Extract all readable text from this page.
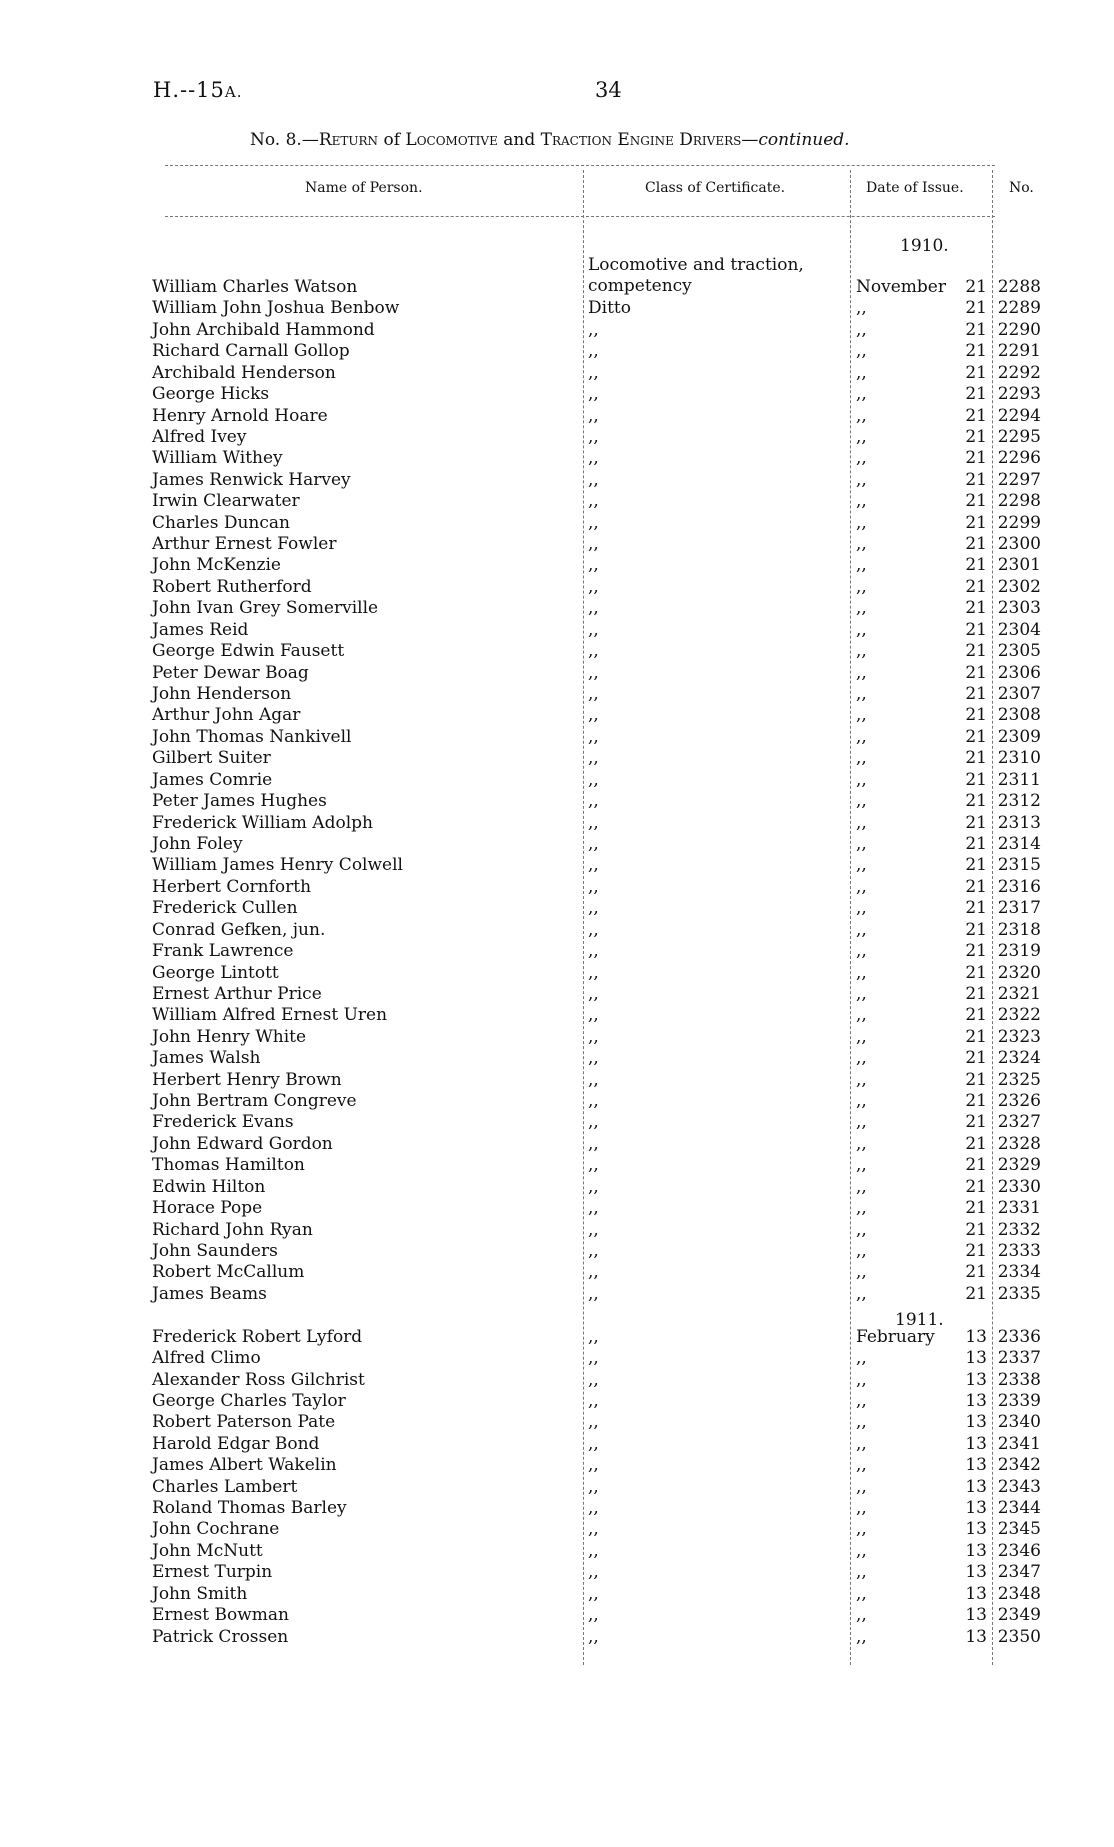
H.--15A.	34
No. 8.—Return of Locomotive and Traction Engine Drivers—continued.
Name of Person.	Class of Certificate.	Date of Issue.	No.
1910.
1911.
William Charles Watson	Locomotive and traction, competency	November 21	2288
William John Joshua Benbow	Ditto	,, 21	2289
John Archibald Hammond	,,	,, 21	2290
Richard Carnall Gollop	,,	,, 21	2291
Archibald Henderson	,,	,, 21	2292
George Hicks	,,	,, 21	2293
Henry Arnold Hoare	,,	,, 21	2294
Alfred Ivey	,,	,, 21	2295
William Withey	,,	,, 21	2296
James Renwick Harvey	,,	,, 21	2297
Irwin Clearwater	,,	,, 21	2298
Charles Duncan	,,	,, 21	2299
Arthur Ernest Fowler	,,	,, 21	2300
John McKenzie	,,	,, 21	2301
Robert Rutherford	,,	,, 21	2302
John Ivan Grey Somerville	,,	,, 21	2303
James Reid	,,	,, 21	2304
George Edwin Fausett	,,	,, 21	2305
Peter Dewar Boag	,,	,, 21	2306
John Henderson	,,	,, 21	2307
Arthur John Agar	,,	,, 21	2308
John Thomas Nankivell	,,	,, 21	2309
Gilbert Suiter	,,	,, 21	2310
James Comrie	,,	,, 21	2311
Peter James Hughes	,,	,, 21	2312
Frederick William Adolph	,,	,, 21	2313
John Foley	,,	,, 21	2314
William James Henry Colwell	,,	,, 21	2315
Herbert Cornforth	,,	,, 21	2316
Frederick Cullen	,,	,, 21	2317
Conrad Gefken, jun.	,,	,, 21	2318
Frank Lawrence	,,	,, 21	2319
George Lintott	,,	,, 21	2320
Ernest Arthur Price	,,	,, 21	2321
William Alfred Ernest Uren	,,	,, 21	2322
John Henry White	,,	,, 21	2323
James Walsh	,,	,, 21	2324
Herbert Henry Brown	,,	,, 21	2325
John Bertram Congreve	,,	,, 21	2326
Frederick Evans	,,	,, 21	2327
John Edward Gordon	,,	,, 21	2328
Thomas Hamilton	,,	,, 21	2329
Edwin Hilton	,,	,, 21	2330
Horace Pope	,,	,, 21	2331
Richard John Ryan	,,	,, 21	2332
John Saunders	,,	,, 21	2333
Robert McCallum	,,	,, 21	2334
James Beams	,,	,, 21	2335

Frederick Robert Lyford	,,	February 13	2336
Alfred Climo	,,	,, 13	2337
Alexander Ross Gilchrist	,,	,, 13	2338
George Charles Taylor	,,	,, 13	2339
Robert Paterson Pate	,,	,, 13	2340
Harold Edgar Bond	,,	,, 13	2341
James Albert Wakelin	,,	,, 13	2342
Charles Lambert	,,	,, 13	2343
Roland Thomas Barley	,,	,, 13	2344
John Cochrane	,,	,, 13	2345
John McNutt	,,	,, 13	2346
Ernest Turpin	,,	,, 13	2347
John Smith	,,	,, 13	2348
Ernest Bowman	,,	,, 13	2349
Patrick Crossen	,,	,, 13	2350
